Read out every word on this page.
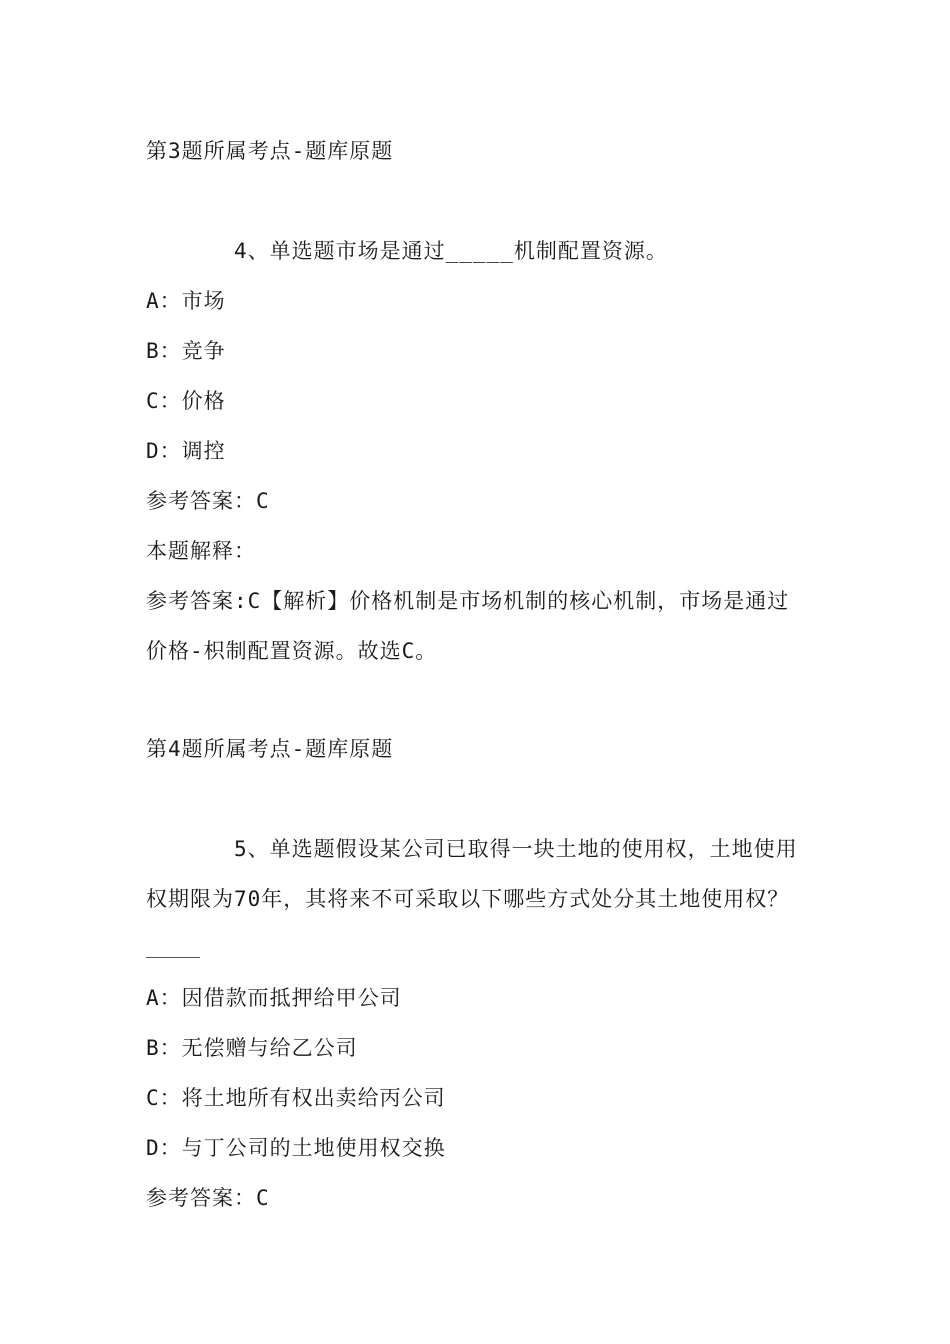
第3题所属考点-题库原题
4、单选题市场是通过_____机制配置资源。
A：市场
B：竞争
C：价格
D：调控
参考答案：C
本题解释：
参考答案:C【解析】价格机制是市场机制的核心机制，市场是通过
价格-枳制配置资源。故选C。
第4题所属考点-题库原题
5、单选题假设某公司已取得一块土地的使用权，土地使用
权期限为70年，其将来不可采取以下哪些方式处分其土地使用权？
A：因借款而抵押给甲公司
B：无偿赠与给乙公司
C：将土地所有权出卖给丙公司
D：与丁公司的土地使用权交换
参考答案：C
